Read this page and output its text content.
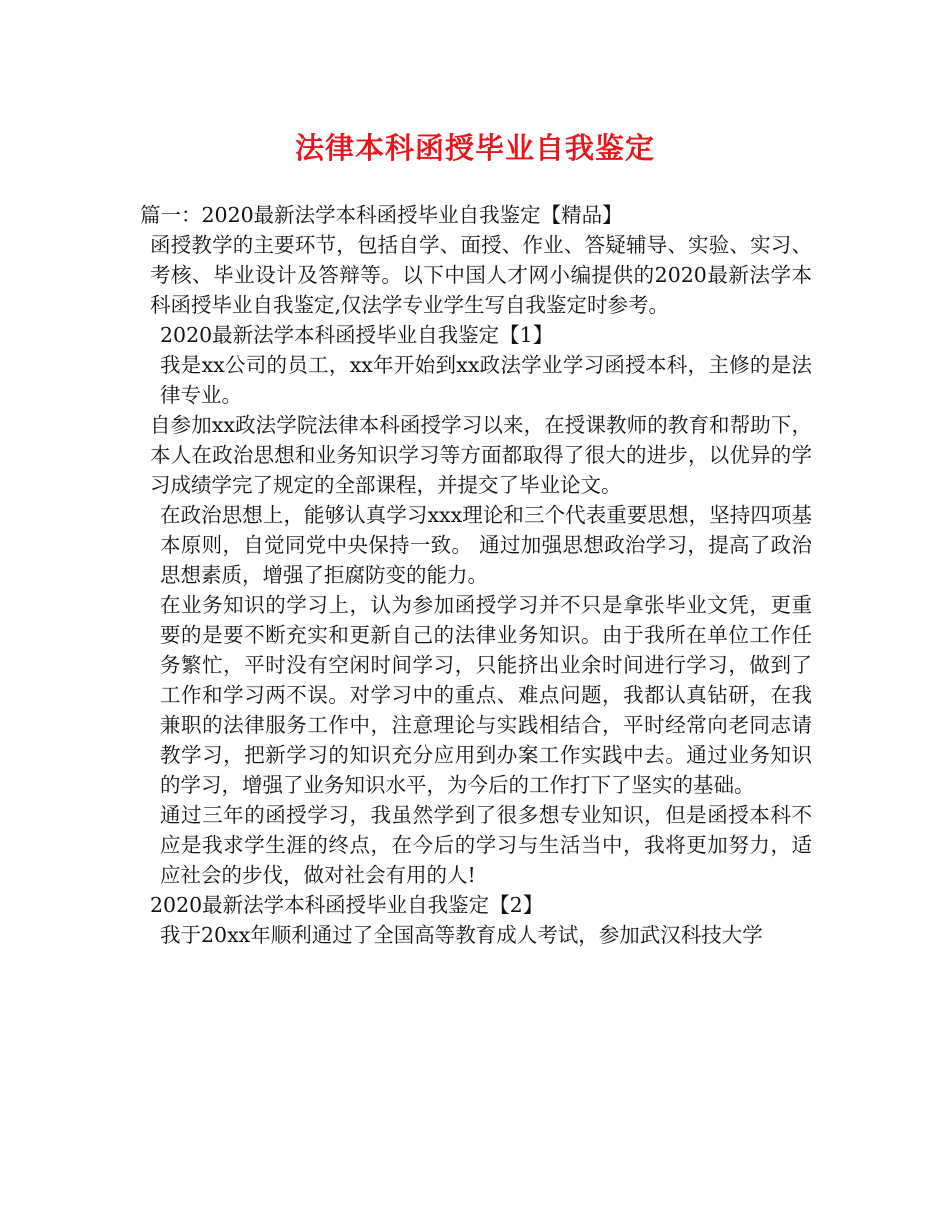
法律本科函授毕业自我鉴定

篇一：2020最新法学本科函授毕业自我鉴定【精品】

函授教学的主要环节，包括自学、面授、作业、答疑辅导、实验、实习、考核、毕业设计及答辩等。以下中国人才网小编提供的2020最新法学本科函授毕业自我鉴定,仅法学专业学生写自我鉴定时参考。

2020最新法学本科函授毕业自我鉴定【1】

我是xx公司的员工，xx年开始到xx政法学业学习函授本科，主修的是法律专业。

自参加xx政法学院法律本科函授学习以来，在授课教师的教育和帮助下，本人在政治思想和业务知识学习等方面都取得了很大的进步，以优异的学习成绩学完了规定的全部课程，并提交了毕业论文。

在政治思想上，能够认真学习xxx理论和三个代表重要思想，坚持四项基本原则，自觉同党中央保持一致。 通过加强思想政治学习，提高了政治思想素质，增强了拒腐防变的能力。

在业务知识的学习上，认为参加函授学习并不只是拿张毕业文凭，更重要的是要不断充实和更新自己的法律业务知识。由于我所在单位工作任务繁忙，平时没有空闲时间学习，只能挤出业余时间进行学习，做到了工作和学习两不误。对学习中的重点、难点问题，我都认真钻研，在我兼职的法律服务工作中，注意理论与实践相结合，平时经常向老同志请教学习，把新学习的知识充分应用到办案工作实践中去。通过业务知识的学习，增强了业务知识水平，为今后的工作打下了坚实的基础。

通过三年的函授学习，我虽然学到了很多想专业知识，但是函授本科不应是我求学生涯的终点，在今后的学习与生活当中，我将更加努力，适应社会的步伐，做对社会有用的人!

2020最新法学本科函授毕业自我鉴定【2】

我于20xx年顺利通过了全国高等教育成人考试，参加武汉科技大学
